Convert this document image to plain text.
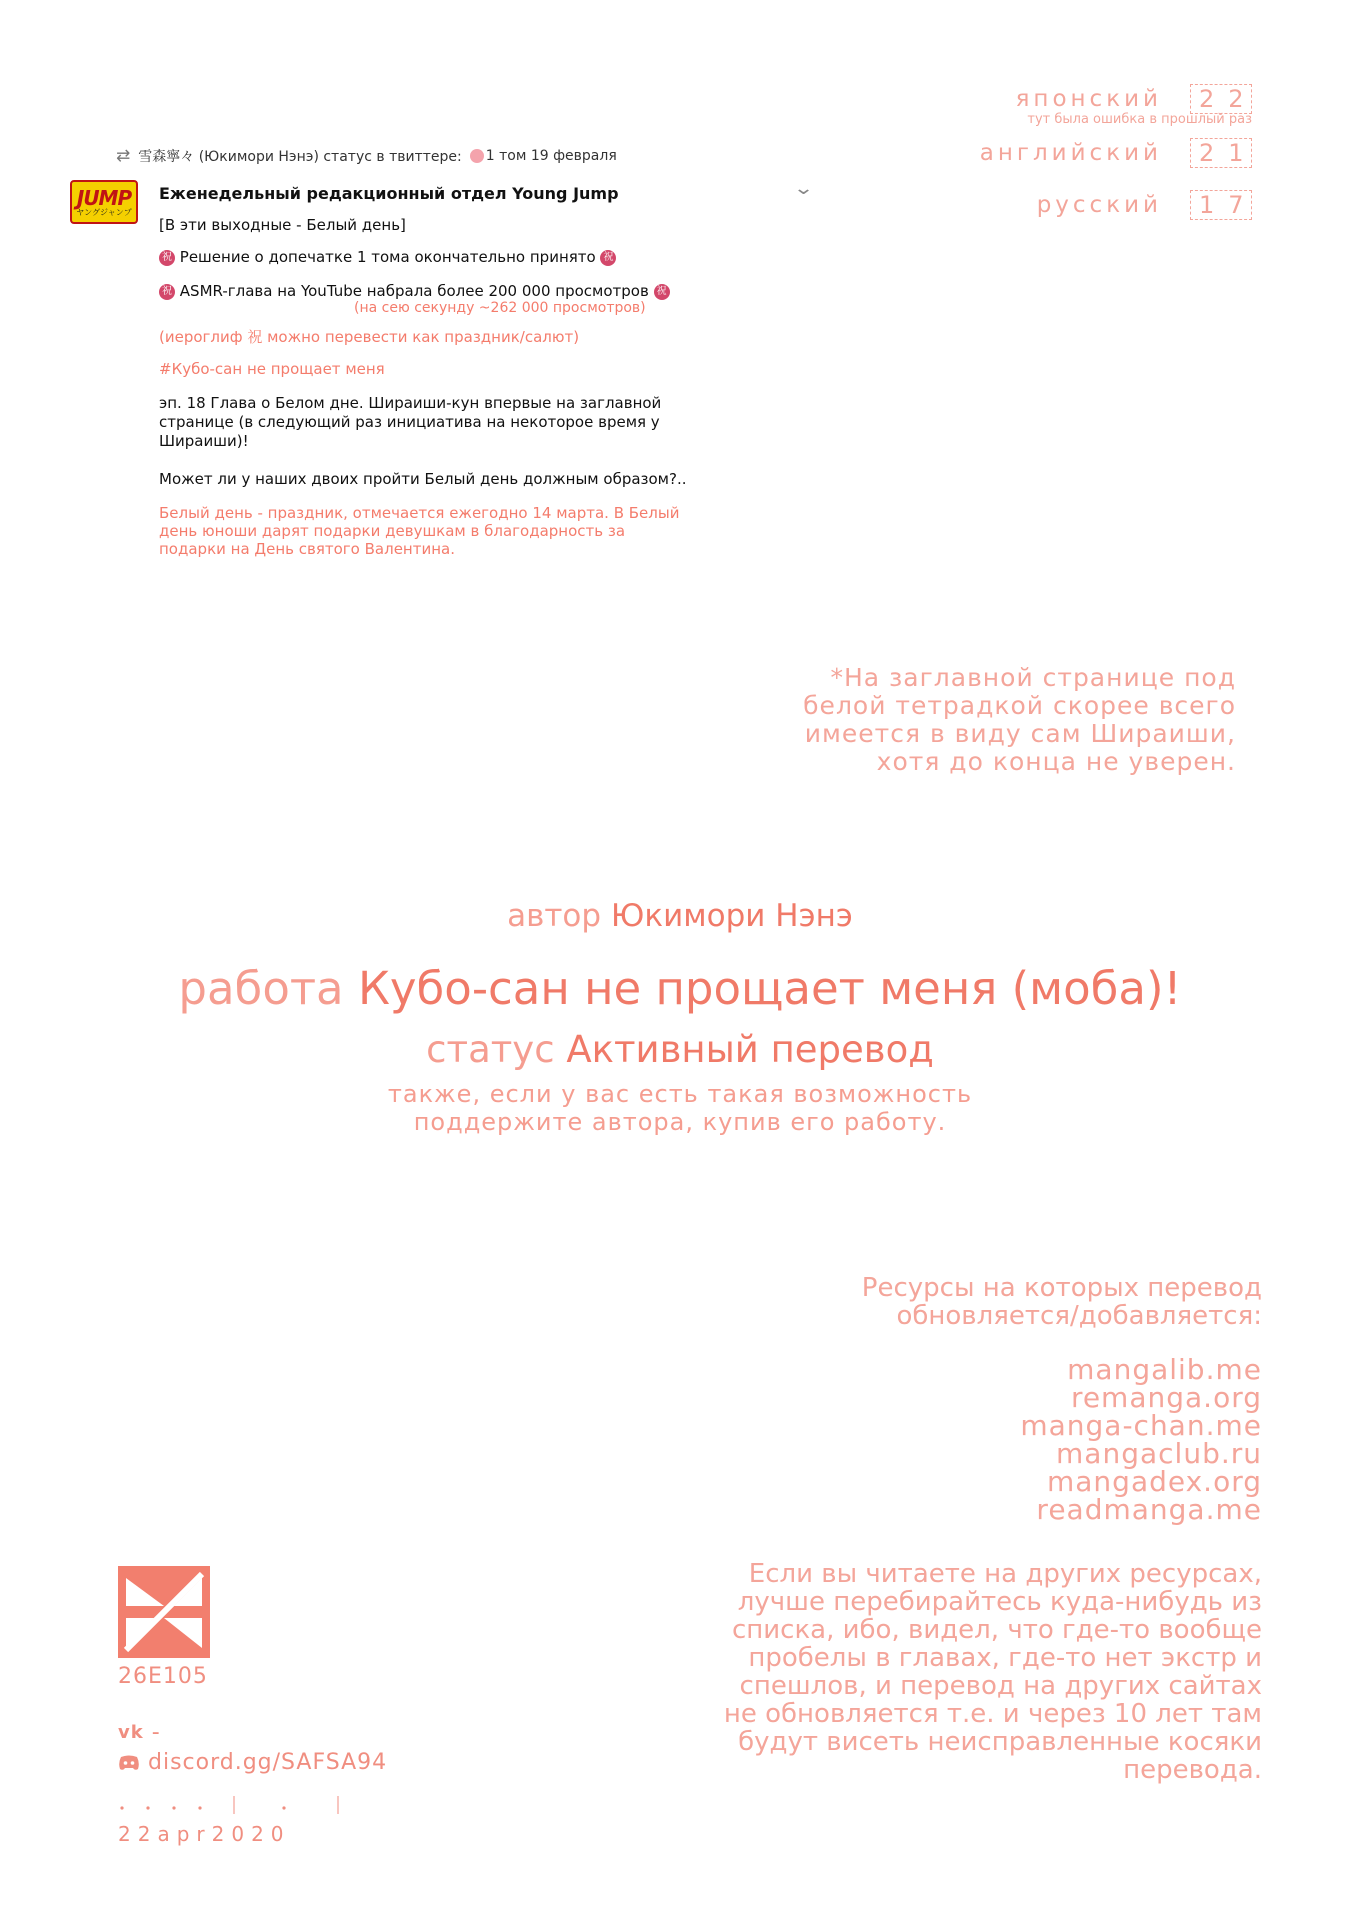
японский	22
тут была ошибка в прошлый раз
английский	21
русский	17
⇄ 雪森寧々 (Юкимори Нэнэ) статус в твиттере: 1 том 19 февраля
JUMP
ヤングジャンプ
Еженедельный редакционный отдел Young Jump	⌄
[В эти выходные - Белый день]
祝 Решение о допечатке 1 тома окончательно принято 祝
祝 ASMR-глава на YouTube набрала более 200 000 просмотров 祝
(на сею секунду ~262 000 просмотров)
(иероглиф 祝 можно перевести как праздник/салют)
#Кубо-сан не прощает меня
эп. 18 Глава о Белом дне. Шираиши-кун впервые на заглавной
странице (в следующий раз инициатива на некоторое время у
Шираиши)!
Может ли у наших двоих пройти Белый день должным образом?..
Белый день - праздник, отмечается ежегодно 14 марта. В Белый
день юноши дарят подарки девушкам в благодарность за
подарки на День святого Валентина.
*На заглавной странице под
белой тетрадкой скорее всего
имеется в виду сам Шираиши,
хотя до конца не уверен.
автор Юкимори Нэнэ
работа Кубо-сан не прощает меня (моба)!
статус Активный перевод
также, если у вас есть такая возможность
поддержите автора, купив его работу.
Ресурсы на которых перевод
обновляется/добавляется:
mangalib.me
remanga.org
manga-chan.me
mangaclub.ru
mangadex.org
readmanga.me
Если вы читаете на других ресурсах,
лучше перебирайтесь куда-нибудь из
списка, ибо, видел, что где-то вообще
пробелы в главах, где-то нет экстр и
спешлов, и перевод на других сайтах
не обновляется т.е. и через 10 лет там
будут висеть неисправленные косяки
перевода.
26E105
vk -
discord.gg/SAFSA94
22apr2020
